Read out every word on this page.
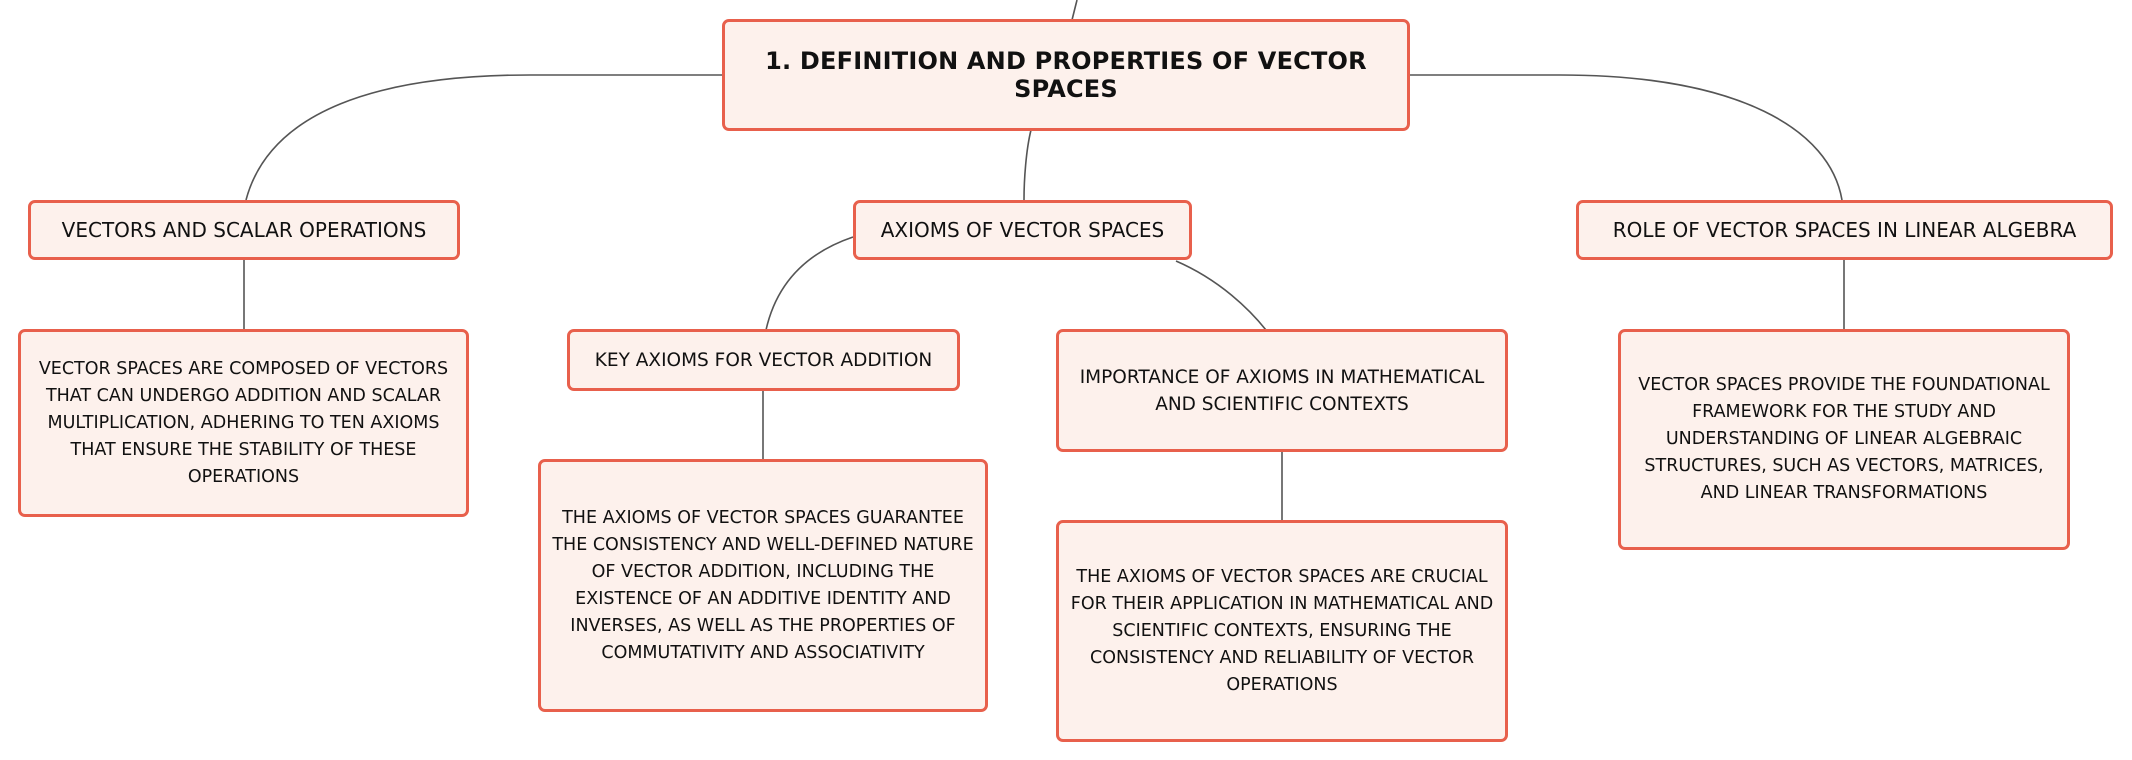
1. DEFINITION AND PROPERTIES OF VECTOR SPACES
VECTORS AND SCALAR OPERATIONS	AXIOMS OF VECTOR SPACES	ROLE OF VECTOR SPACES IN LINEAR ALGEBRA
VECTOR SPACES ARE COMPOSED OF VECTORS THAT CAN UNDERGO ADDITION AND SCALAR MULTIPLICATION, ADHERING TO TEN AXIOMS THAT ENSURE THE STABILITY OF THESE OPERATIONS
KEY AXIOMS FOR VECTOR ADDITION
IMPORTANCE OF AXIOMS IN MATHEMATICAL AND SCIENTIFIC CONTEXTS
THE AXIOMS OF VECTOR SPACES GUARANTEE THE CONSISTENCY AND WELL-DEFINED NATURE OF VECTOR ADDITION, INCLUDING THE EXISTENCE OF AN ADDITIVE IDENTITY AND INVERSES, AS WELL AS THE PROPERTIES OF COMMUTATIVITY AND ASSOCIATIVITY
THE AXIOMS OF VECTOR SPACES ARE CRUCIAL FOR THEIR APPLICATION IN MATHEMATICAL AND SCIENTIFIC CONTEXTS, ENSURING THE CONSISTENCY AND RELIABILITY OF VECTOR OPERATIONS
VECTOR SPACES PROVIDE THE FOUNDATIONAL FRAMEWORK FOR THE STUDY AND UNDERSTANDING OF LINEAR ALGEBRAIC STRUCTURES, SUCH AS VECTORS, MATRICES, AND LINEAR TRANSFORMATIONS
